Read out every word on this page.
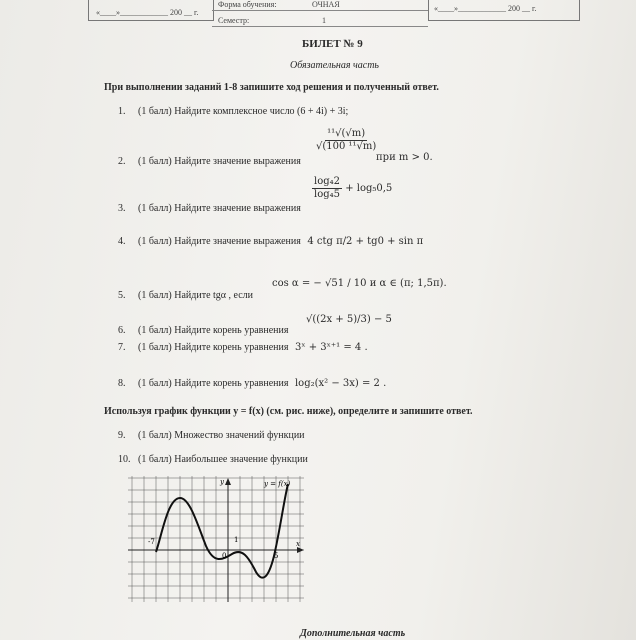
«____»____________ 200 __ г.
Форма обучения:	ОЧНАЯ
Семестр:	1
«____»____________ 200 __ г.
БИЛЕТ № 9
Обязательная часть
При выполнении заданий 1-8 запишите ход решения и полученный ответ.
1. (1 балл) Найдите комплексное число (6 + 4i) + 3i;
2. (1 балл) Найдите значение выражения
$\frac{\text{¹¹√(√m)}}{\text{√(100 ¹¹√m)}}$
при m > 0.
3. (1 балл) Найдите значение выражения
$\frac{\text{log₄2}}{\text{log₄5}} + \log_50,5$
4. (1 балл) Найдите значение выражения 4 ctg π/2 + tg0 + sin π
5. (1 балл) Найдите tgα , если
cos α = − √51 / 10 и α ∈ (π; 1,5π).
6. (1 балл) Найдите корень уравнения
√((2x + 5)/3) − 5
7. (1 балл) Найдите корень уравнения 3ˣ + 3ˣ⁺¹ = 4 .
8. (1 балл) Найдите корень уравнения log₂(x² − 3x) = 2 .
Используя график функции y = f(x) (см. рис. ниже), определите и запишите ответ.
9. (1 балл) Множество значений функции
10. (1 балл) Наибольшее значение функции
y
x
y = f(x)
-7
0
1
5
Дополнительная часть
